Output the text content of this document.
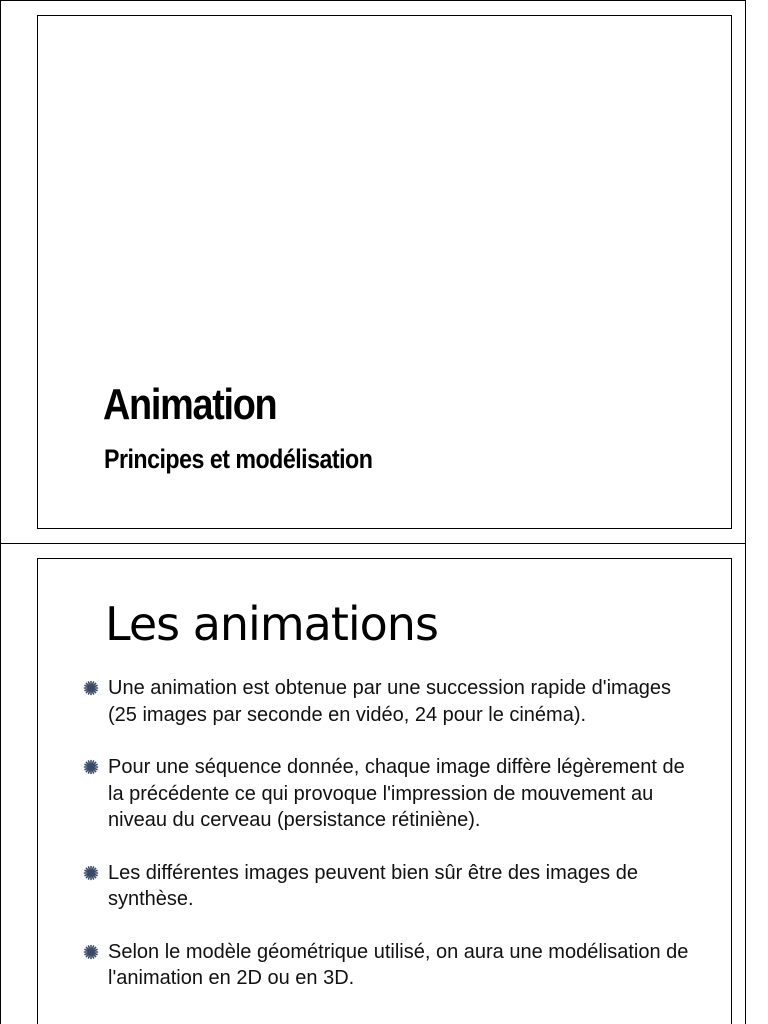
Animation
Principes et modélisation
Les animations
Une animation est obtenue par une succession rapide d'images (25 images par seconde en vidéo, 24 pour le cinéma).
Pour une séquence donnée, chaque image diffère légèrement de la précédente ce qui provoque l'impression de mouvement au niveau du cerveau (persistance rétiniène).
Les différentes images peuvent bien sûr être des images de synthèse.
Selon le modèle géométrique utilisé, on aura une modélisation de l'animation en 2D ou en 3D.
